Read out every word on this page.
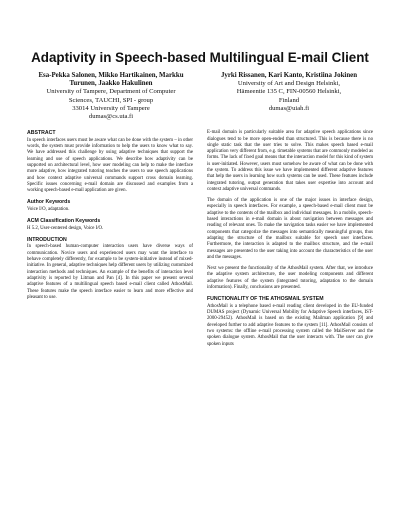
Adaptivity in Speech-based Multilingual E-mail Client
Esa-Pekka Salonen, Mikko Hartikainen, Markku Turunen, Jaakko Hakulinen
University of Tampere, Department of Computer
Sciences, TAUCHI, SPI - group
33014 University of Tampere
dumas@cs.uta.fi
Jyrki Rissanen, Kari Kanto, Kristiina Jokinen
University of Art and Design Helsinki,
Hämeentie 135 C, FIN-00560 Helsinki,
Finland
dumas@uiah.fi
ABSTRACT

In speech interfaces users must be aware what can be done with the system – in other words, the system must provide information to help the users to know what to say. We have addressed this challenge by using adaptive techniques that support the learning and use of speech applications. We describe how adaptivity can be supported on architectural level, how user modeling can help to make the interface more adaptive, how integrated tutoring teaches the users to use speech applications and how context adaptive universal commands support cross domain learning. Specific issues concerning e-mail domain are discussed and examples from a working speech-based e-mail application are given.

Author Keywords

Voice I/O, adaptation.

ACM Classification Keywords

H 5.2, User-centered design, Voice I/O.

INTRODUCTION

In speech-based human-computer interaction users have diverse ways of communication. Novice users and experienced users may want the interface to behave completely differently, for example to be system-initiative instead of mixed-initiative. In general, adaptive techniques help different users by utilizing customized interaction methods and techniques. An example of the benefits of interaction level adaptivity is reported by Litman and Pan [4]. In this paper we present several adaptive features of a multilingual speech based e-mail client called AthosMail. These features make the speech interface easier to learn and more effective and pleasant to use.

E-mail domain is particularly suitable area for adaptive speech applications since dialogues tend to be more open-ended than structured. This is because there is no single static task that the user tries to solve. This makes speech based e-mail application very different from, e.g. timetable systems that are commonly modeled as forms. The lack of fixed goal means that the interaction model for this kind of system is user-initiated. However, users must somehow be aware of what can be done with the system. To address this issue we have implemented different adaptive features that help the users in learning how such systems can be used. These features include integrated tutoring, output generation that takes user expertise into account and context adaptive universal commands.

The domain of the application is one of the major issues in interface design, especially in speech interfaces. For example, a speech-based e-mail client must be adaptive to the contents of the mailbox and individual messages. In a mobile, speech-based interactions in e-mail domain is about navigation between messages and reading of relevant ones. To make the navigation tasks easier we have implemented components that categorize the messages into semantically meaningful groups, thus adapting the structure of the mailbox suitable for speech user interfaces. Furthermore, the interaction is adapted to the mailbox structure, and the e-mail messages are presented to the user taking into account the characteristics of the user and the messages.

Next we present the functionality of the AthosMail system. After that, we introduce the adaptive system architecture, the user modeling components and different adaptive features of the system (integrated tutoring, adaptation to the domain information). Finally, conclusions are presented.

FUNCTIONALITY OF THE ATHOSMAIL SYSTEM

AthosMail is a telephone based e-mail reading client developed in the EU-funded DUMAS project (Dynamic Universal Mobility for Adaptive Speech interfaces, IST-2000-29452). AthosMail is based on the existing Mailman application [9] and developed further to add adaptive features to the system [11]. AthosMail consists of two systems: the offline e-mail processing system called the MailServer and the spoken dialogue system. AthosMail that the user interacts with. The user can give spoken inputs
